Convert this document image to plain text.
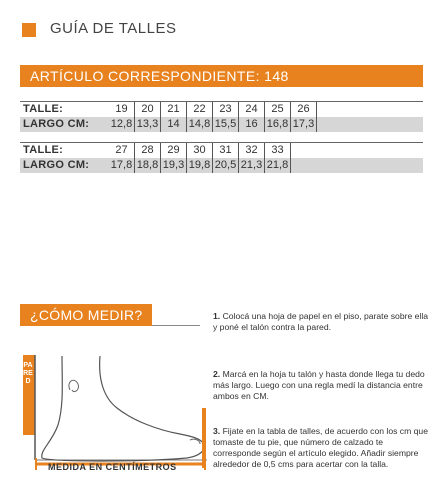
GUÍA DE TALLES
ARTÍCULO CORRESPONDIENTE: 148
TALLE:	19	20	21	22	23	24	25	26
LARGO CM: 12,8 13,3 14 14,8 15,5 16 16,8 17,3
TALLE:	27	28	29	30	31	32	33
LARGO CM: 17,8 18,8 19,3 19,8 20,5 21,3 21,8
¿CÓMO MEDIR?
PARED
MEDIDA EN CENTÍMETROS
1. Colocá una hoja de papel en el piso, parate sobre ella y poné el talón contra la pared.
2. Marcá en la hoja tu talón y hasta donde llega tu dedo más largo. Luego con una regla medí la distancia entre ambos en CM.
3. Fijate en la tabla de talles, de acuerdo con los cm que tomaste de tu pie, que número de calzado te corresponde según el artículo elegido. Añadir siempre alrededor de 0,5 cms para acertar con la talla.
